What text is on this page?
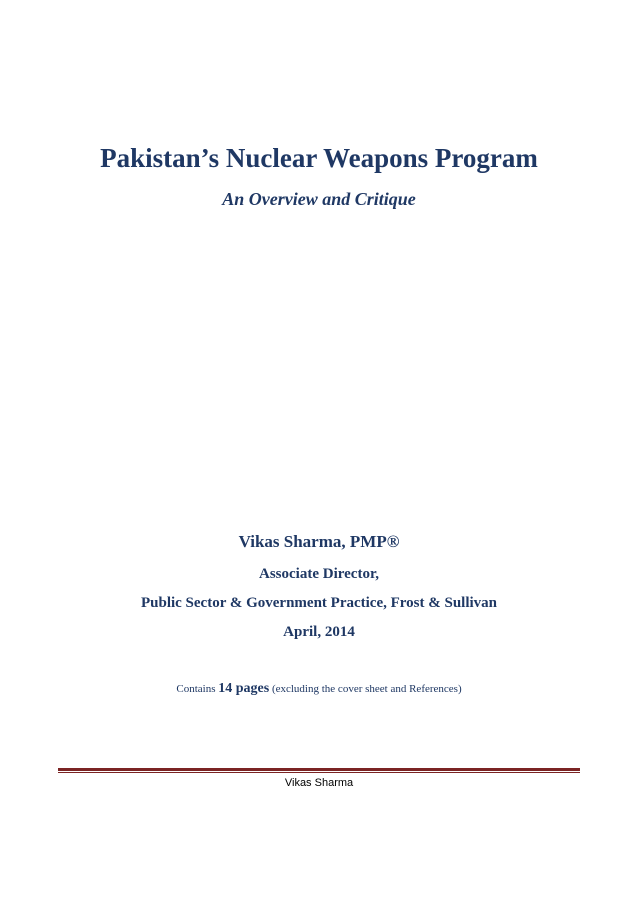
Pakistan’s Nuclear Weapons Program
An Overview and Critique
Vikas Sharma, PMP®
Associate Director,
Public Sector & Government Practice, Frost & Sullivan
April, 2014
Contains 14 pages (excluding the cover sheet and References)
Vikas Sharma
